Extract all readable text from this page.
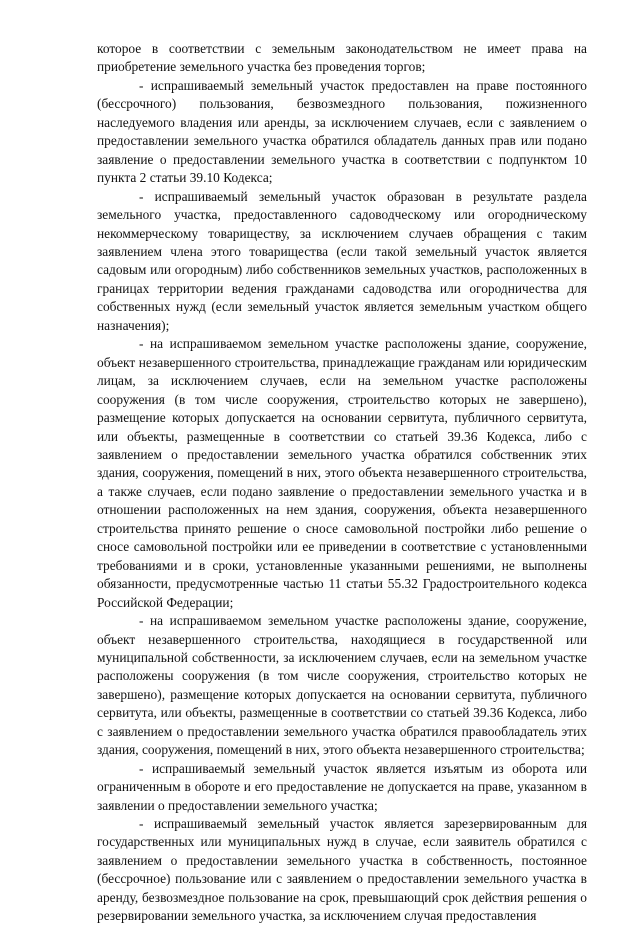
которое в соответствии с земельным законодательством не имеет права на приобретение земельного участка без проведения торгов;

- испрашиваемый земельный участок предоставлен на праве постоянного (бессрочного) пользования, безвозмездного пользования, пожизненного наследуемого владения или аренды, за исключением случаев, если с заявлением о предоставлении земельного участка обратился обладатель данных прав или подано заявление о предоставлении земельного участка в соответствии с подпунктом 10 пункта 2 статьи 39.10 Кодекса;

- испрашиваемый земельный участок образован в результате раздела земельного участка, предоставленного садоводческому или огородническому некоммерческому товариществу, за исключением случаев обращения с таким заявлением члена этого товарищества (если такой земельный участок является садовым или огородным) либо собственников земельных участков, расположенных в границах территории ведения гражданами садоводства или огородничества для собственных нужд (если земельный участок является земельным участком общего назначения);

- на испрашиваемом земельном участке расположены здание, сооружение, объект незавершенного строительства, принадлежащие гражданам или юридическим лицам, за исключением случаев, если на земельном участке расположены сооружения (в том числе сооружения, строительство которых не завершено), размещение которых допускается на основании сервитута, публичного сервитута, или объекты, размещенные в соответствии со статьей 39.36 Кодекса, либо с заявлением о предоставлении земельного участка обратился собственник этих здания, сооружения, помещений в них, этого объекта незавершенного строительства, а также случаев, если подано заявление о предоставлении земельного участка и в отношении расположенных на нем здания, сооружения, объекта незавершенного строительства принято решение о сносе самовольной постройки либо решение о сносе самовольной постройки или ее приведении в соответствие с установленными требованиями и в сроки, установленные указанными решениями, не выполнены обязанности, предусмотренные частью 11 статьи 55.32 Градостроительного кодекса Российской Федерации;

- на испрашиваемом земельном участке расположены здание, сооружение, объект незавершенного строительства, находящиеся в государственной или муниципальной собственности, за исключением случаев, если на земельном участке расположены сооружения (в том числе сооружения, строительство которых не завершено), размещение которых допускается на основании сервитута, публичного сервитута, или объекты, размещенные в соответствии со статьей 39.36 Кодекса, либо с заявлением о предоставлении земельного участка обратился правообладатель этих здания, сооружения, помещений в них, этого объекта незавершенного строительства;

- испрашиваемый земельный участок является изъятым из оборота или ограниченным в обороте и его предоставление не допускается на праве, указанном в заявлении о предоставлении земельного участка;

- испрашиваемый земельный участок является зарезервированным для государственных или муниципальных нужд в случае, если заявитель обратился с заявлением о предоставлении земельного участка в собственность, постоянное (бессрочное) пользование или с заявлением о предоставлении земельного участка в аренду, безвозмездное пользование на срок, превышающий срок действия решения о резервировании земельного участка, за исключением случая предоставления
